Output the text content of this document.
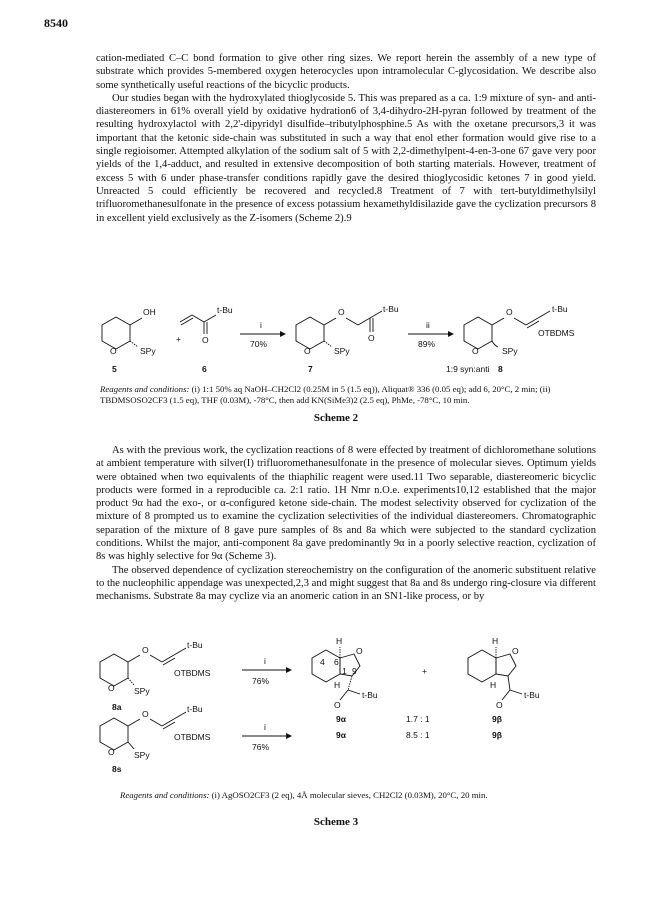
8540

cation-mediated C–C bond formation to give other ring sizes. We report herein the assembly of a new type of substrate which provides 5-membered oxygen heterocycles upon intramolecular C-glycosidation. We describe also some synthetically useful reactions of the bicyclic products.

Our studies began with the hydroxylated thioglycoside 5. This was prepared as a ca. 1:9 mixture of syn- and anti-diastereomers in 61% overall yield by oxidative hydration6 of 3,4-dihydro-2H-pyran followed by treatment of the resulting hydroxylactol with 2,2'-dipyridyl disulfide–tributylphosphine.5 As with the oxetane precursors,3 it was important that the ketonic side-chain was substituted in such a way that enol ether formation would give rise to a single regioisomer. Attempted alkylation of the sodium salt of 5 with 2,2-dimethylpent-4-en-3-one 67 gave very poor yields of the 1,4-adduct, and resulted in extensive decomposition of both starting materials. However, treatment of excess 5 with 6 under phase-transfer conditions rapidly gave the desired thioglycosidic ketones 7 in good yield. Unreacted 5 could efficiently be recovered and recycled.8 Treatment of 7 with tert-butyldimethylsilyl trifluoromethanesulfonate in the presence of excess potassium hexamethyldisilazide gave the cyclization precursors 8 in excellent yield exclusively as the Z-isomers (Scheme 2).9

OH
O	SPy
5
+
t-Bu
O
6
i
70%
O	t-Bu
O
O	SPy
7
ii
89%
O	t-Bu
OTBDMS
O	SPy
1:9 syn:anti 8
Reagents and conditions: (i) 1:1 50% aq NaOH–CH2Cl2 (0.25M in 5 (1.5 eq)), Aliquat® 336 (0.05 eq); add 6, 20°C, 2 min; (ii) TBDMSOSO2CF3 (1.5 eq), THF (0.03M), -78°C, then add KN(SiMe3)2 (2.5 eq), PhMe, -78°C, 10 min.
Scheme 2

As with the previous work, the cyclization reactions of 8 were effected by treatment of dichloromethane solutions at ambient temperature with silver(I) trifluoromethanesulfonate in the presence of molecular sieves. Optimum yields were obtained when two equivalents of the thiaphilic reagent were used.11 Two separable, diastereomeric bicyclic products were formed in a reproducible ca. 2:1 ratio. 1H Nmr n.O.e. experiments10,12 established that the major product 9α had the exo-, or α-configured ketone side-chain. The modest selectivity observed for cyclization of the mixture of 8 prompted us to examine the cyclization selectivities of the individual diastereomers. Chromatographic separation of the mixture of 8 gave pure samples of 8s and 8a which were subjected to the standard cyclization conditions. Whilst the major, anti-component 8a gave predominantly 9α in a poorly selective reaction, cyclization of 8s was highly selective for 9α (Scheme 3).

The observed dependence of cyclization stereochemistry on the configuration of the anomeric substituent relative to the nucleophilic appendage was unexpected,2,3 and might suggest that 8a and 8s undergo ring-closure via different mechanisms. Substrate 8a may cyclize via an anomeric cation in an SN1-like process, or by

O	t-Bu
OTBDMS
O SPy
8a
i
76%
O
H
H
4 6
1 9
t-Bu
O
+
O
H
H
t-Bu
O
9α	1.7 : 1	9β
O	t-Bu
OTBDMS
O SPy
8s
i
76%
9α	8.5 : 1	9β
Reagents and conditions: (i) AgOSO2CF3 (2 eq), 4Å molecular sieves, CH2Cl2 (0.03M), 20°C, 20 min.
Scheme 3
